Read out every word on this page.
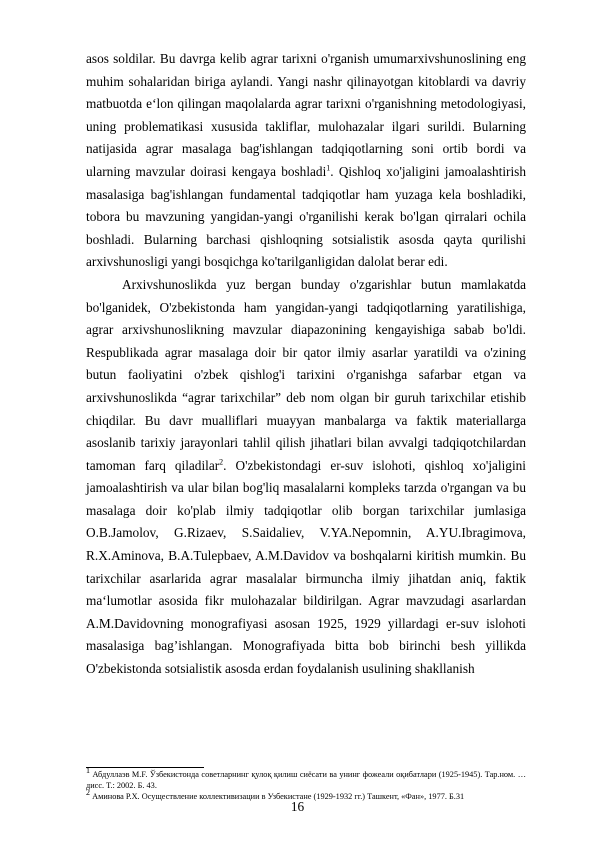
asos soldilar. Bu davrga kelib agrar tarixni o'rganish umumarxivshunoslining eng muhim sohalaridan biriga aylandi. Yangi nashr qilinayotgan kitoblardi va davriy matbuotda e‘lon qilingan maqolalarda agrar tarixni o'rganishning metodologiyasi, uning problematikasi xususida takliflar, mulohazalar ilgari surildi. Bularning natijasida agrar masalaga bag'ishlangan tadqiqotlarning soni ortib bordi va ularning mavzular doirasi kengaya boshladi$^1$. Qishloq xo'jaligini jamoalashtirish masalasiga bag'ishlangan fundamental tadqiqotlar ham yuzaga kela boshladiki, tobora bu mavzuning yangidan-yangi o'rganilishi kerak bo'lgan qirralari ochila boshladi. Bularning barchasi qishloqning sotsialistik asosda qayta qurilishi arxivshunosligi yangi bosqichga ko'tarilganligidan dalolat berar edi.

Arxivshunoslikda yuz bergan bunday o'zgarishlar butun mamlakatda bo'lganidek, O'zbekistonda ham yangidan-yangi tadqiqotlarning yaratilishiga, agrar arxivshunoslikning mavzular diapazonining kengayishiga sabab bo'ldi. Respublikada agrar masalaga doir bir qator ilmiy asarlar yaratildi va o'zining butun faoliyatini o'zbek qishlog'i tarixini o'rganishga safarbar etgan va arxivshunoslikda “agrar tarixchilar” deb nom olgan bir guruh tarixchilar etishib chiqdilar. Bu davr mualliflari muayyan manbalarga va faktik materiallarga asoslanib tarixiy jarayonlari tahlil qilish jihatlari bilan avvalgi tadqiqotchilardan tamoman farq qiladilar$^2$. O'zbekistondagi er-suv islohoti, qishloq xo'jaligini jamoalashtirish va ular bilan bog'liq masalalarni kompleks tarzda o'rgangan va bu masalaga doir ko'plab ilmiy tadqiqotlar olib borgan tarixchilar jumlasiga O.B.Jamolov, G.Rizaev, S.Saidaliev, V.YA.Nepomnin, A.YU.Ibragimova, R.X.Aminova, B.A.Tulepbaev, A.M.Davidov va boshqalarni kiritish mumkin. Bu tarixchilar asarlarida agrar masalalar birmuncha ilmiy jihatdan aniq, faktik ma‘lumotlar asosida fikr mulohazalar bildirilgan. Agrar mavzudagi asarlardan A.M.Davidovning monografiyasi asosan 1925, 1929 yillardagi er-suv islohoti masalasiga bag’ishlangan. Monografiyada bitta bob birinchi besh yillikda O'zbekistonda sotsialistik asosda erdan foydalanish usulining shakllanish

$^1$ Абдуллаэв М.F. Ўзбекистонда советларнинг қулоқ қилиш сиёсати ва унинг фожеали оқибатлари (1925-1945). Тар.ном. …дисс. Т.: 2002. Б. 43.

$^2$ Аминова Р.Х. Осуществление коллективизации в Узбекистане (1929-1932 гг.) Ташкент, «Фан», 1977. Б.31

16
